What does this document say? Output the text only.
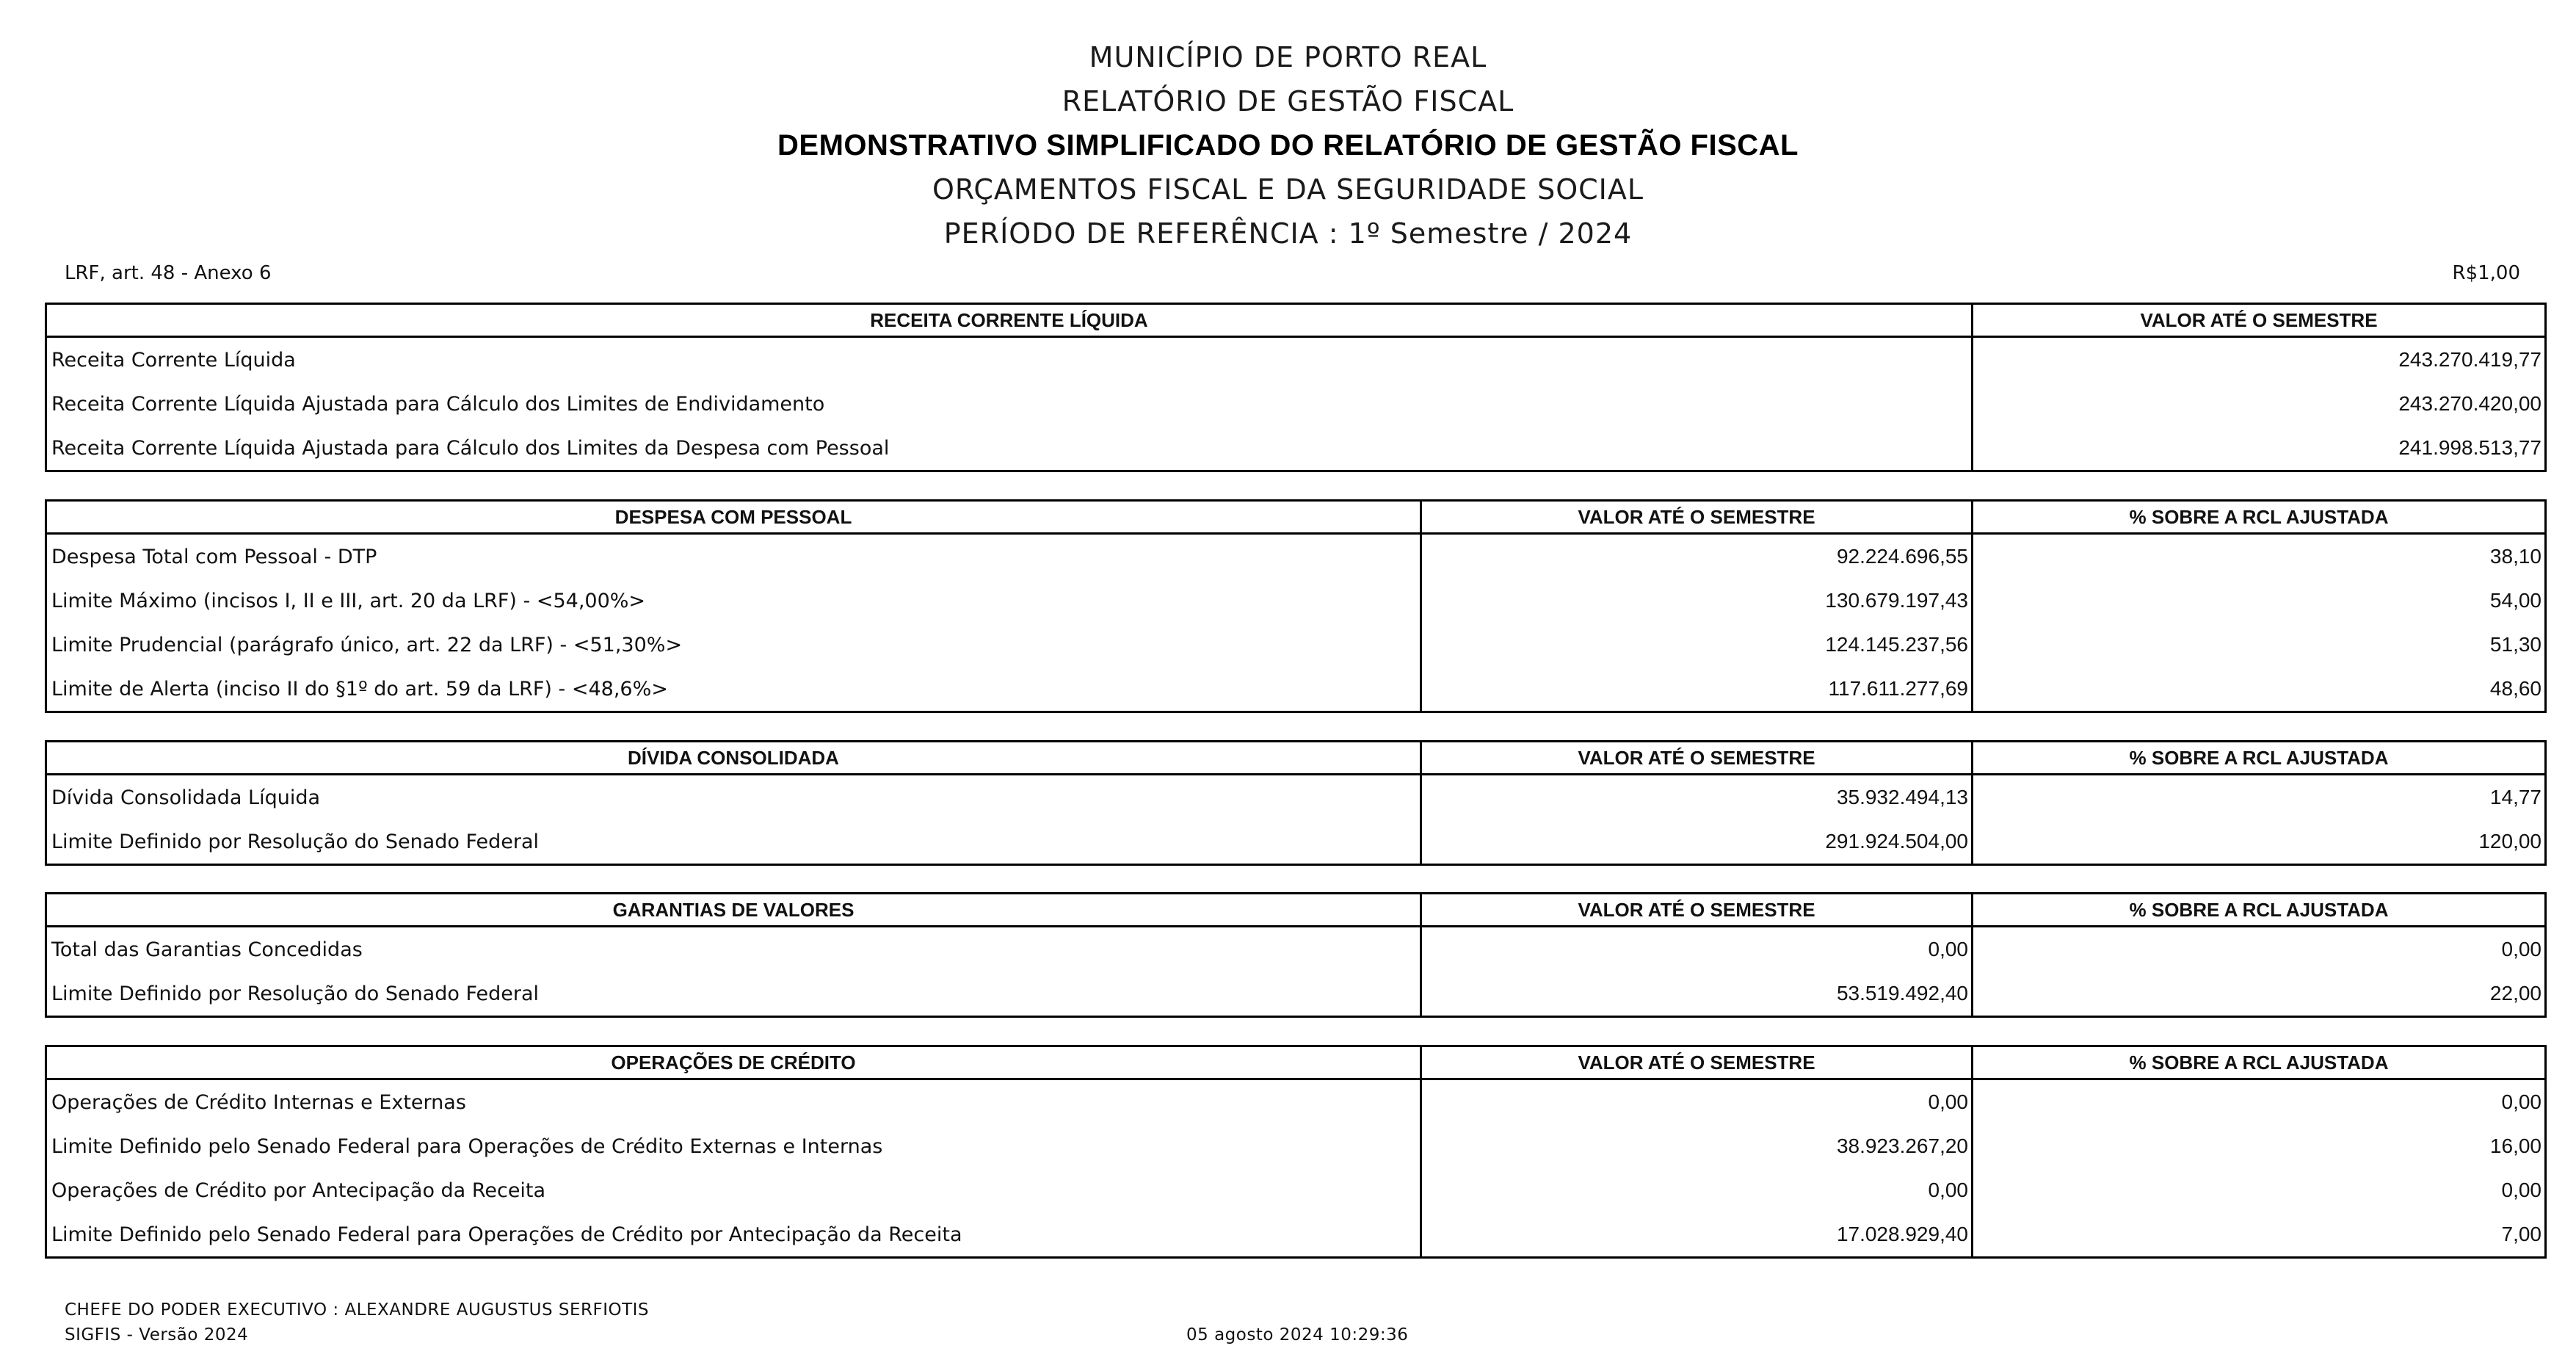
MUNICÍPIO DE PORTO REAL
RELATÓRIO DE GESTÃO FISCAL
DEMONSTRATIVO SIMPLIFICADO DO RELATÓRIO DE GESTÃO FISCAL
ORÇAMENTOS FISCAL E DA SEGURIDADE SOCIAL
PERÍODO DE REFERÊNCIA : 1º Semestre / 2024
LRF, art. 48 - Anexo 6	R$1,00
RECEITA CORRENTE LÍQUIDA	VALOR ATÉ O SEMESTRE
Receita Corrente Líquida	243.270.419,77
Receita Corrente Líquida Ajustada para Cálculo dos Limites de Endividamento	243.270.420,00
Receita Corrente Líquida Ajustada para Cálculo dos Limites da Despesa com Pessoal	241.998.513,77
DESPESA COM PESSOAL	VALOR ATÉ O SEMESTRE	% SOBRE A RCL AJUSTADA
Despesa Total com Pessoal - DTP	92.224.696,55	38,10
Limite Máximo (incisos I, II e III, art. 20 da LRF) - <54,00%>	130.679.197,43	54,00
Limite Prudencial (parágrafo único, art. 22 da LRF) - <51,30%>	124.145.237,56	51,30
Limite de Alerta (inciso II do §1º do art. 59 da LRF) - <48,6%>	117.611.277,69	48,60
DÍVIDA CONSOLIDADA	VALOR ATÉ O SEMESTRE	% SOBRE A RCL AJUSTADA
Dívida Consolidada Líquida	35.932.494,13	14,77
Limite Definido por Resolução do Senado Federal	291.924.504,00	120,00
GARANTIAS DE VALORES	VALOR ATÉ O SEMESTRE	% SOBRE A RCL AJUSTADA
Total das Garantias Concedidas	0,00	0,00
Limite Definido por Resolução do Senado Federal	53.519.492,40	22,00
OPERAÇÕES DE CRÉDITO	VALOR ATÉ O SEMESTRE	% SOBRE A RCL AJUSTADA
Operações de Crédito Internas e Externas	0,00	0,00
Limite Definido pelo Senado Federal para Operações de Crédito Externas e Internas	38.923.267,20	16,00
Operações de Crédito por Antecipação da Receita	0,00	0,00
Limite Definido pelo Senado Federal para Operações de Crédito por Antecipação da Receita	17.028.929,40	7,00
CHEFE DO PODER EXECUTIVO : ALEXANDRE AUGUSTUS SERFIOTIS
SIGFIS - Versão 2024	05 agosto 2024 10:29:36
